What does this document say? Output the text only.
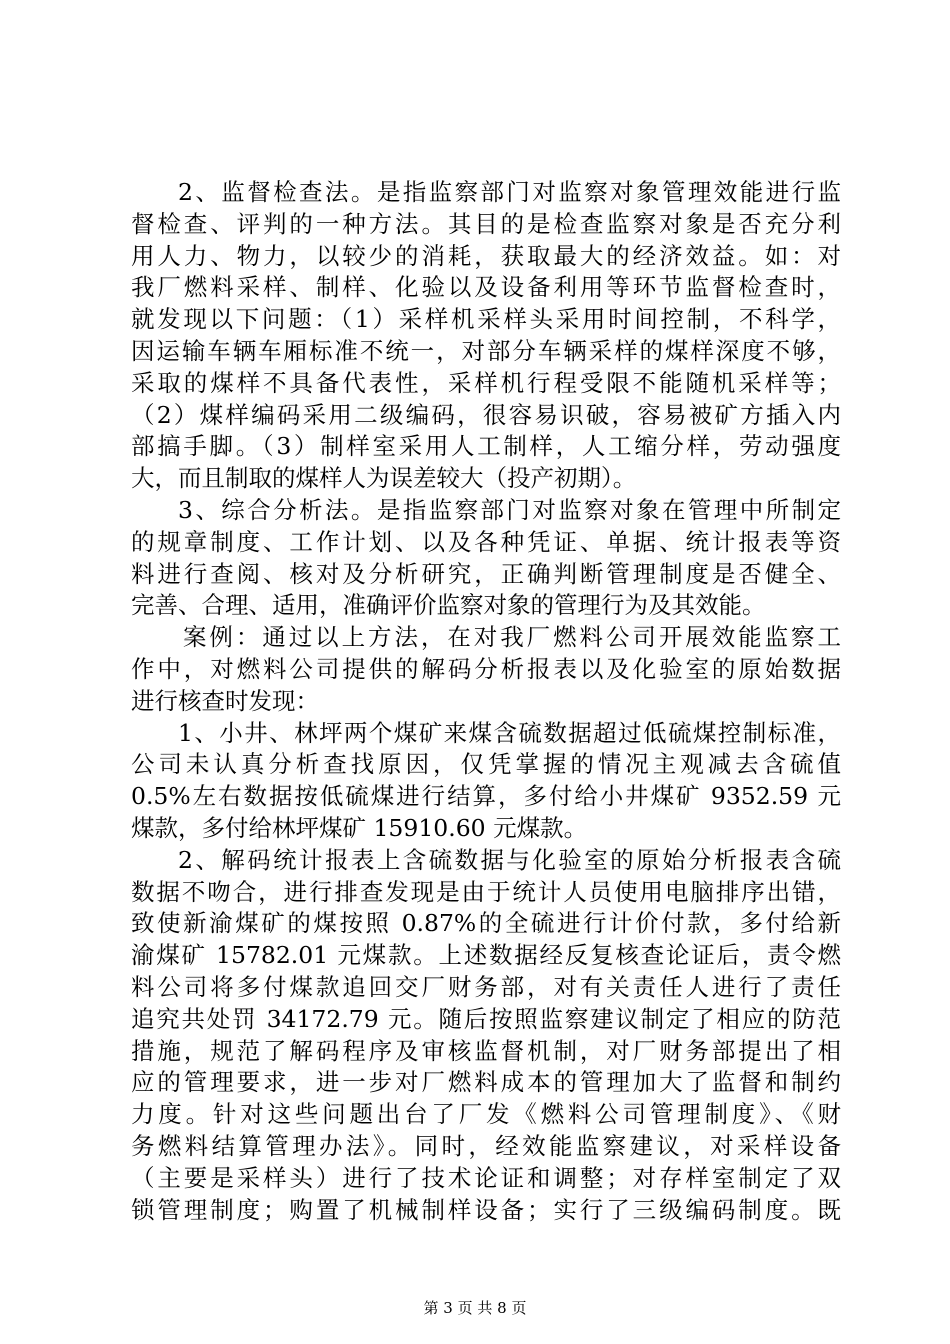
2、监督检查法。是指监察部门对监察对象管理效能进行监
督检查、评判的一种方法。其目的是检查监察对象是否充分利
用人力、物力，以较少的消耗，获取最大的经济效益。如：对
我厂燃料采样、制样、化验以及设备利用等环节监督检查时，
就发现以下问题：（1）采样机采样头采用时间控制，不科学，
因运输车辆车厢标准不统一，对部分车辆采样的煤样深度不够，
采取的煤样不具备代表性，采样机行程受限不能随机采样等；
（2）煤样编码采用二级编码，很容易识破，容易被矿方插入内
部搞手脚。（3）制样室采用人工制样，人工缩分样，劳动强度
大，而且制取的煤样人为误差较大（投产初期）。
3、综合分析法。是指监察部门对监察对象在管理中所制定
的规章制度、工作计划、以及各种凭证、单据、统计报表等资
料进行查阅、核对及分析研究，正确判断管理制度是否健全、
完善、合理、适用，准确评价监察对象的管理行为及其效能。
案例：通过以上方法，在对我厂燃料公司开展效能监察工
作中，对燃料公司提供的解码分析报表以及化验室的原始数据
进行核查时发现：
1、小井、林坪两个煤矿来煤含硫数据超过低硫煤控制标准，
公司未认真分析查找原因，仅凭掌握的情况主观减去含硫值
0.5%左右数据按低硫煤进行结算，多付给小井煤矿 9352.59 元
煤款，多付给林坪煤矿 15910.60 元煤款。
2、解码统计报表上含硫数据与化验室的原始分析报表含硫
数据不吻合，进行排查发现是由于统计人员使用电脑排序出错，
致使新渝煤矿的煤按照 0.87%的全硫进行计价付款，多付给新
渝煤矿 15782.01 元煤款。上述数据经反复核查论证后，责令燃
料公司将多付煤款追回交厂财务部，对有关责任人进行了责任
追究共处罚 34172.79 元。随后按照监察建议制定了相应的防范
措施，规范了解码程序及审核监督机制，对厂财务部提出了相
应的管理要求，进一步对厂燃料成本的管理加大了监督和制约
力度。针对这些问题出台了厂发《燃料公司管理制度》、《财
务燃料结算管理办法》。同时，经效能监察建议，对采样设备
（主要是采样头）进行了技术论证和调整；对存样室制定了双
锁管理制度；购置了机械制样设备；实行了三级编码制度。既
第 3 页 共 8 页
